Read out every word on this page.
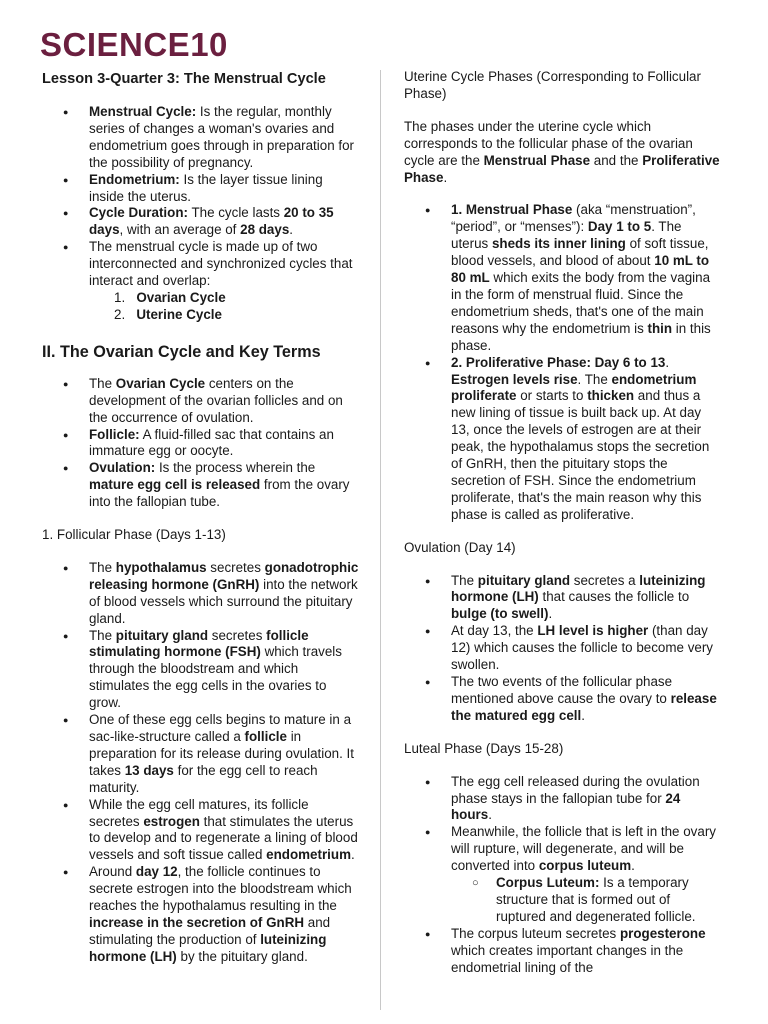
SCIENCE10
Lesson 3-Quarter 3: The Menstrual Cycle
● Menstrual Cycle: Is the regular, monthly series of changes a woman's ovaries and endometrium goes through in preparation for the possibility of pregnancy.
● Endometrium: Is the layer tissue lining inside the uterus.
● Cycle Duration: The cycle lasts 20 to 35 days, with an average of 28 days.
● The menstrual cycle is made up of two interconnected and synchronized cycles that interact and overlap:
1. Ovarian Cycle
2. Uterine Cycle
II. The Ovarian Cycle and Key Terms
● The Ovarian Cycle centers on the development of the ovarian follicles and on the occurrence of ovulation.
● Follicle: A fluid-filled sac that contains an immature egg or oocyte.
● Ovulation: Is the process wherein the mature egg cell is released from the ovary into the fallopian tube.

1. Follicular Phase (Days 1-13)

● The hypothalamus secretes gonadotrophic releasing hormone (GnRH) into the network of blood vessels which surround the pituitary gland.
● The pituitary gland secretes follicle stimulating hormone (FSH) which travels through the bloodstream and which stimulates the egg cells in the ovaries to grow.
● One of these egg cells begins to mature in a sac-like-structure called a follicle in preparation for its release during ovulation. It takes 13 days for the egg cell to reach maturity.
● While the egg cell matures, its follicle secretes estrogen that stimulates the uterus to develop and to regenerate a lining of blood vessels and soft tissue called endometrium.
● Around day 12, the follicle continues to secrete estrogen into the bloodstream which reaches the hypothalamus resulting in the increase in the secretion of GnRH and stimulating the production of luteinizing hormone (LH) by the pituitary gland.

Uterine Cycle Phases (Corresponding to Follicular Phase)

The phases under the uterine cycle which corresponds to the follicular phase of the ovarian cycle are the Menstrual Phase and the Proliferative Phase.

● 1. Menstrual Phase (aka “menstruation”, “period”, or “menses”): Day 1 to 5. The uterus sheds its inner lining of soft tissue, blood vessels, and blood of about 10 mL to 80 mL which exits the body from the vagina in the form of menstrual fluid. Since the endometrium sheds, that's one of the main reasons why the endometrium is thin in this phase.
● 2. Proliferative Phase: Day 6 to 13. Estrogen levels rise. The endometrium proliferate or starts to thicken and thus a new lining of tissue is built back up. At day 13, once the levels of estrogen are at their peak, the hypothalamus stops the secretion of GnRH, then the pituitary stops the secretion of FSH. Since the endometrium proliferate, that's the main reason why this phase is called as proliferative.

Ovulation (Day 14)

● The pituitary gland secretes a luteinizing hormone (LH) that causes the follicle to bulge (to swell).
● At day 13, the LH level is higher (than day 12) which causes the follicle to become very swollen.
● The two events of the follicular phase mentioned above cause the ovary to release the matured egg cell.

Luteal Phase (Days 15-28)

● The egg cell released during the ovulation phase stays in the fallopian tube for 24 hours.
● Meanwhile, the follicle that is left in the ovary will rupture, will degenerate, and will be converted into corpus luteum.
○ Corpus Luteum: Is a temporary structure that is formed out of ruptured and degenerated follicle.
● The corpus luteum secretes progesterone which creates important changes in the endometrial lining of the
